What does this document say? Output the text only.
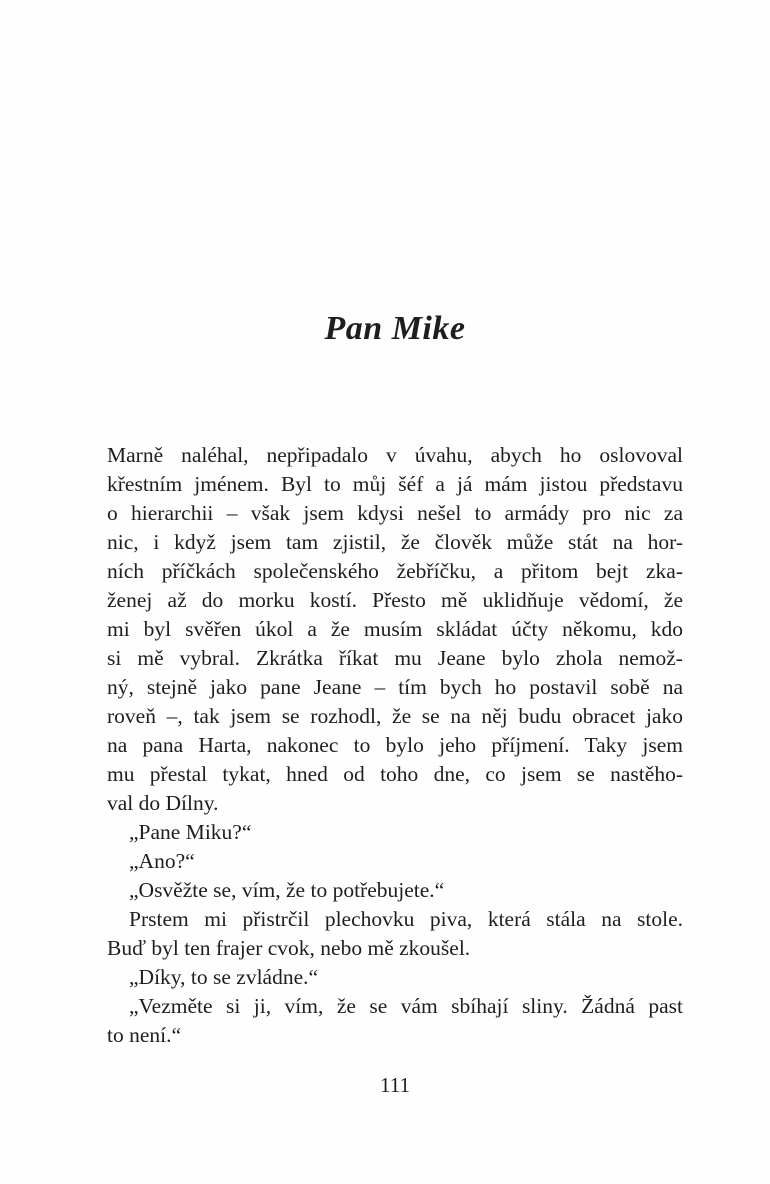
Pan Mike
Marně naléhal, nepřipadalo v úvahu, abych ho oslovoval
křestním jménem. Byl to můj šéf a já mám jistou představu
o hierarchii – však jsem kdysi nešel to armády pro nic za
nic, i když jsem tam zjistil, že člověk může stát na hor-
ních příčkách společenského žebříčku, a přitom bejt zka-
ženej až do morku kostí. Přesto mě uklidňuje vědomí, že
mi byl svěřen úkol a že musím skládat účty někomu, kdo
si mě vybral. Zkrátka říkat mu Jeane bylo zhola nemož-
ný, stejně jako pane Jeane – tím bych ho postavil sobě na
roveň –, tak jsem se rozhodl, že se na něj budu obracet jako
na pana Harta, nakonec to bylo jeho příjmení. Taky jsem
mu přestal tykat, hned od toho dne, co jsem se nastěho-
val do Dílny.
„Pane Miku?“
„Ano?“
„Osvěžte se, vím, že to potřebujete.“
Prstem mi přistrčil plechovku piva, která stála na stole.
Buď byl ten frajer cvok, nebo mě zkoušel.
„Díky, to se zvládne.“
„Vezměte si ji, vím, že se vám sbíhají sliny. Žádná past
to není.“
111
